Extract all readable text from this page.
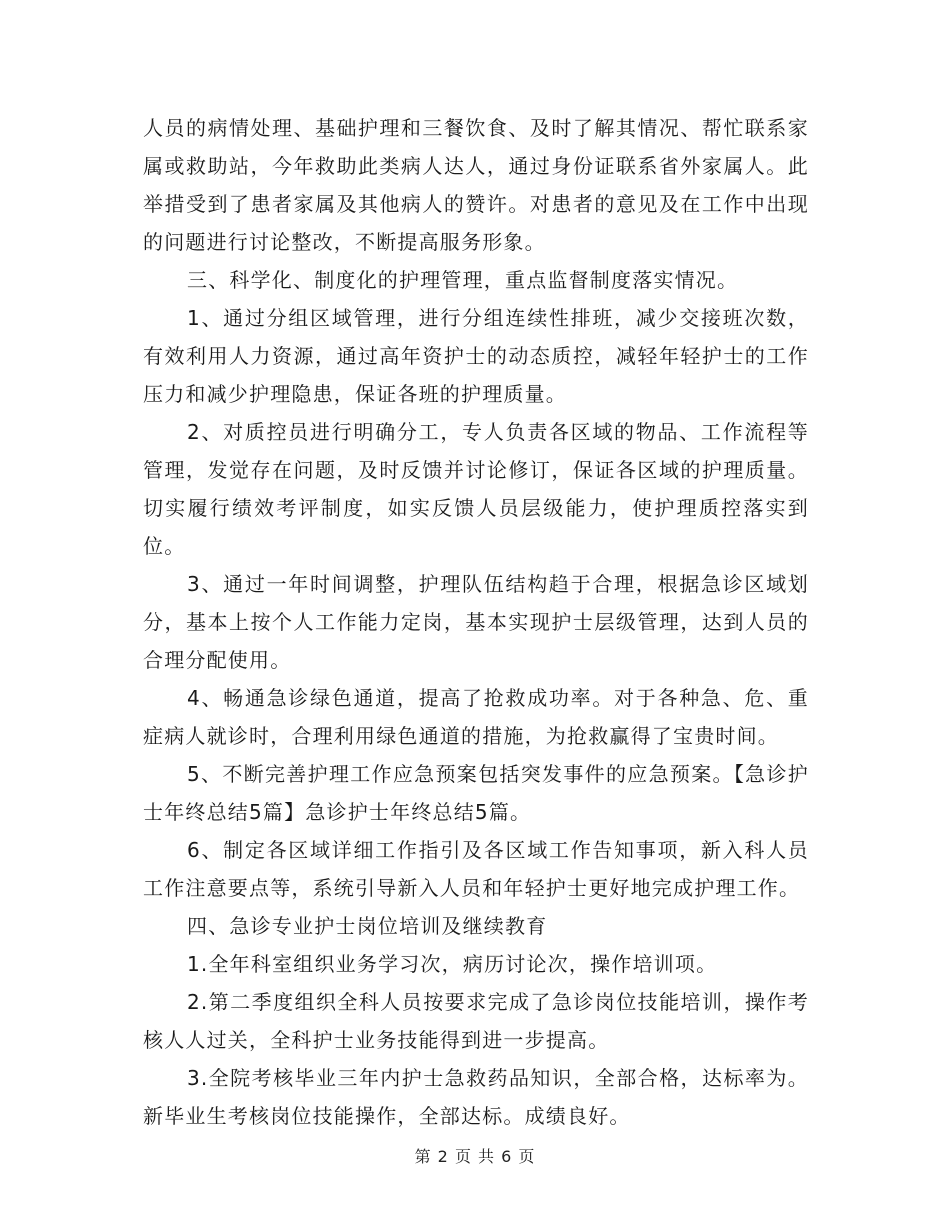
人员的病情处理、基础护理和三餐饮食、及时了解其情况、帮忙联系家属或救助站，今年救助此类病人达人，通过身份证联系省外家属人。此举措受到了患者家属及其他病人的赞许。对患者的意见及在工作中出现的问题进行讨论整改，不断提高服务形象。

三、科学化、制度化的护理管理，重点监督制度落实情况。

1、通过分组区域管理，进行分组连续性排班，减少交接班次数，有效利用人力资源，通过高年资护士的动态质控，减轻年轻护士的工作压力和减少护理隐患，保证各班的护理质量。

2、对质控员进行明确分工，专人负责各区域的物品、工作流程等管理，发觉存在问题，及时反馈并讨论修订，保证各区域的护理质量。切实履行绩效考评制度，如实反馈人员层级能力，使护理质控落实到位。

3、通过一年时间调整，护理队伍结构趋于合理，根据急诊区域划分，基本上按个人工作能力定岗，基本实现护士层级管理，达到人员的合理分配使用。

4、畅通急诊绿色通道，提高了抢救成功率。对于各种急、危、重症病人就诊时，合理利用绿色通道的措施，为抢救赢得了宝贵时间。

5、不断完善护理工作应急预案包括突发事件的应急预案。【急诊护士年终总结5篇】急诊护士年终总结5篇。

6、制定各区域详细工作指引及各区域工作告知事项，新入科人员工作注意要点等，系统引导新入人员和年轻护士更好地完成护理工作。

四、急诊专业护士岗位培训及继续教育

1.全年科室组织业务学习次，病历讨论次，操作培训项。

2.第二季度组织全科人员按要求完成了急诊岗位技能培训，操作考核人人过关，全科护士业务技能得到进一步提高。

3.全院考核毕业三年内护士急救药品知识，全部合格，达标率为。新毕业生考核岗位技能操作，全部达标。成绩良好。

第 2 页 共 6 页
